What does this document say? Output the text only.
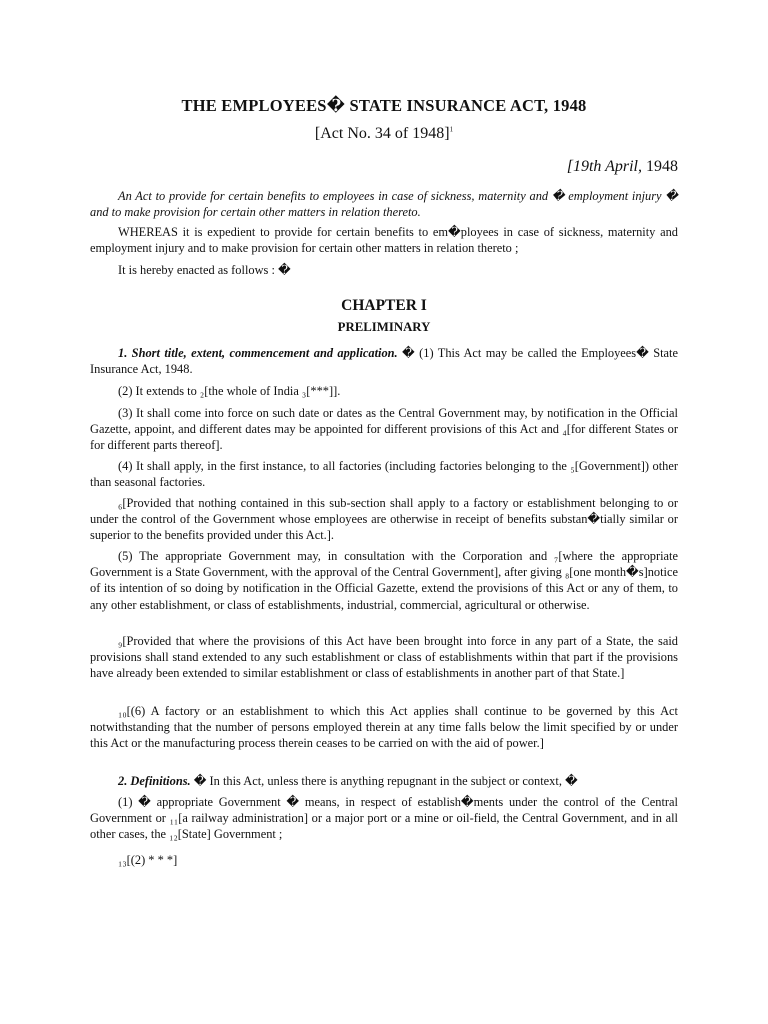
THE EMPLOYEES� STATE INSURANCE ACT, 1948
[Act No. 34 of 1948]$^1$
[19th April, 1948

An Act to provide for certain benefits to employees in case of sickness, maternity and � employment injury � and to make provision for certain other matters in relation thereto.

WHEREAS it is expedient to provide for certain benefits to em�ployees in case of sickness, maternity and employment injury and to make provision for certain other matters in relation thereto ;

It is hereby enacted as follows : �

CHAPTER I
PRELIMINARY

1. Short title, extent, commencement and application. � (1) This Act may be called the Employees� State Insurance Act, 1948.

(2) It extends to ₂[the whole of India ₃[***]].

(3) It shall come into force on such date or dates as the Central Government may, by notification in the Official Gazette, appoint, and different dates may be appointed for different provisions of this Act and ₄[for different States or for different parts thereof].

(4) It shall apply, in the first instance, to all factories (including factories belonging to the ₅[Government]) other than seasonal factories.

₆[Provided that nothing contained in this sub-section shall apply to a factory or establishment belonging to or under the control of the Government whose employees are otherwise in receipt of benefits substan�tially similar or superior to the benefits provided under this Act.].

(5) The appropriate Government may, in consultation with the Corporation and ₇[where the appropriate Government is a State Government, with the approval of the Central Government], after giving ₈[one month�s]notice of its intention of so doing by notification in the Official Gazette, extend the provisions of this Act or any of them, to any other establishment, or class of establishments, industrial, commercial, agricultural or otherwise.

₉[Provided that where the provisions of this Act have been brought into force in any part of a State, the said provisions shall stand extended to any such establishment or class of establishments within that part if the provisions have already been extended to similar establishment or class of establishments in another part of that State.]

₁₀[(6) A factory or an establishment to which this Act applies shall continue to be governed by this Act notwithstanding that the number of persons employed therein at any time falls below the limit specified by or under this Act or the manufacturing process therein ceases to be carried on with the aid of power.]

2. Definitions. � In this Act, unless there is anything repugnant in the subject or context, �

(1) � appropriate Government � means, in respect of establish�ments under the control of the Central Government or ₁₁[a railway administration] or a major port or a mine or oil-field, the Central Government, and in all other cases, the ₁₂[State] Government ;

₁₃[(2) * * *]
